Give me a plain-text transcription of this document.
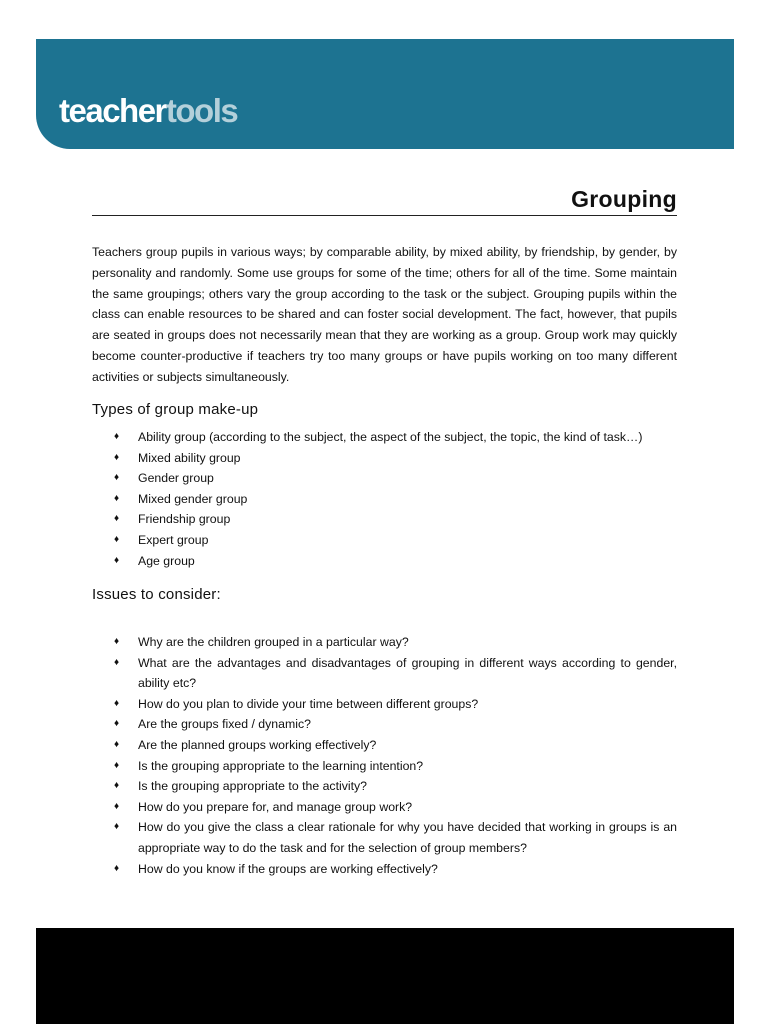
teachertools
Grouping

Teachers group pupils in various ways; by comparable ability, by mixed ability, by friendship, by gender, by personality and randomly. Some use groups for some of the time; others for all of the time. Some maintain the same groupings; others vary the group according to the task or the subject. Grouping pupils within the class can enable resources to be shared and can foster social development. The fact, however, that pupils are seated in groups does not necessarily mean that they are working as a group. Group work may quickly become counter-productive if teachers try too many groups or have pupils working on too many different activities or subjects simultaneously.

Types of group make-up
♦ Ability group (according to the subject, the aspect of the subject, the topic, the kind of task…)
♦ Mixed ability group
♦ Gender group
♦ Mixed gender group
♦ Friendship group
♦ Expert group
♦ Age group
Issues to consider:
♦ Why are the children grouped in a particular way?
♦ What are the advantages and disadvantages of grouping in different ways according to gender, ability etc?
♦ How do you plan to divide your time between different groups?
♦ Are the groups fixed / dynamic?
♦ Are the planned groups working effectively?
♦ Is the grouping appropriate to the learning intention?
♦ Is the grouping appropriate to the activity?
♦ How do you prepare for, and manage group work?
♦ How do you give the class a clear rationale for why you have decided that working in groups is an appropriate way to do the task and for the selection of group members?
♦ How do you know if the groups are working effectively?
